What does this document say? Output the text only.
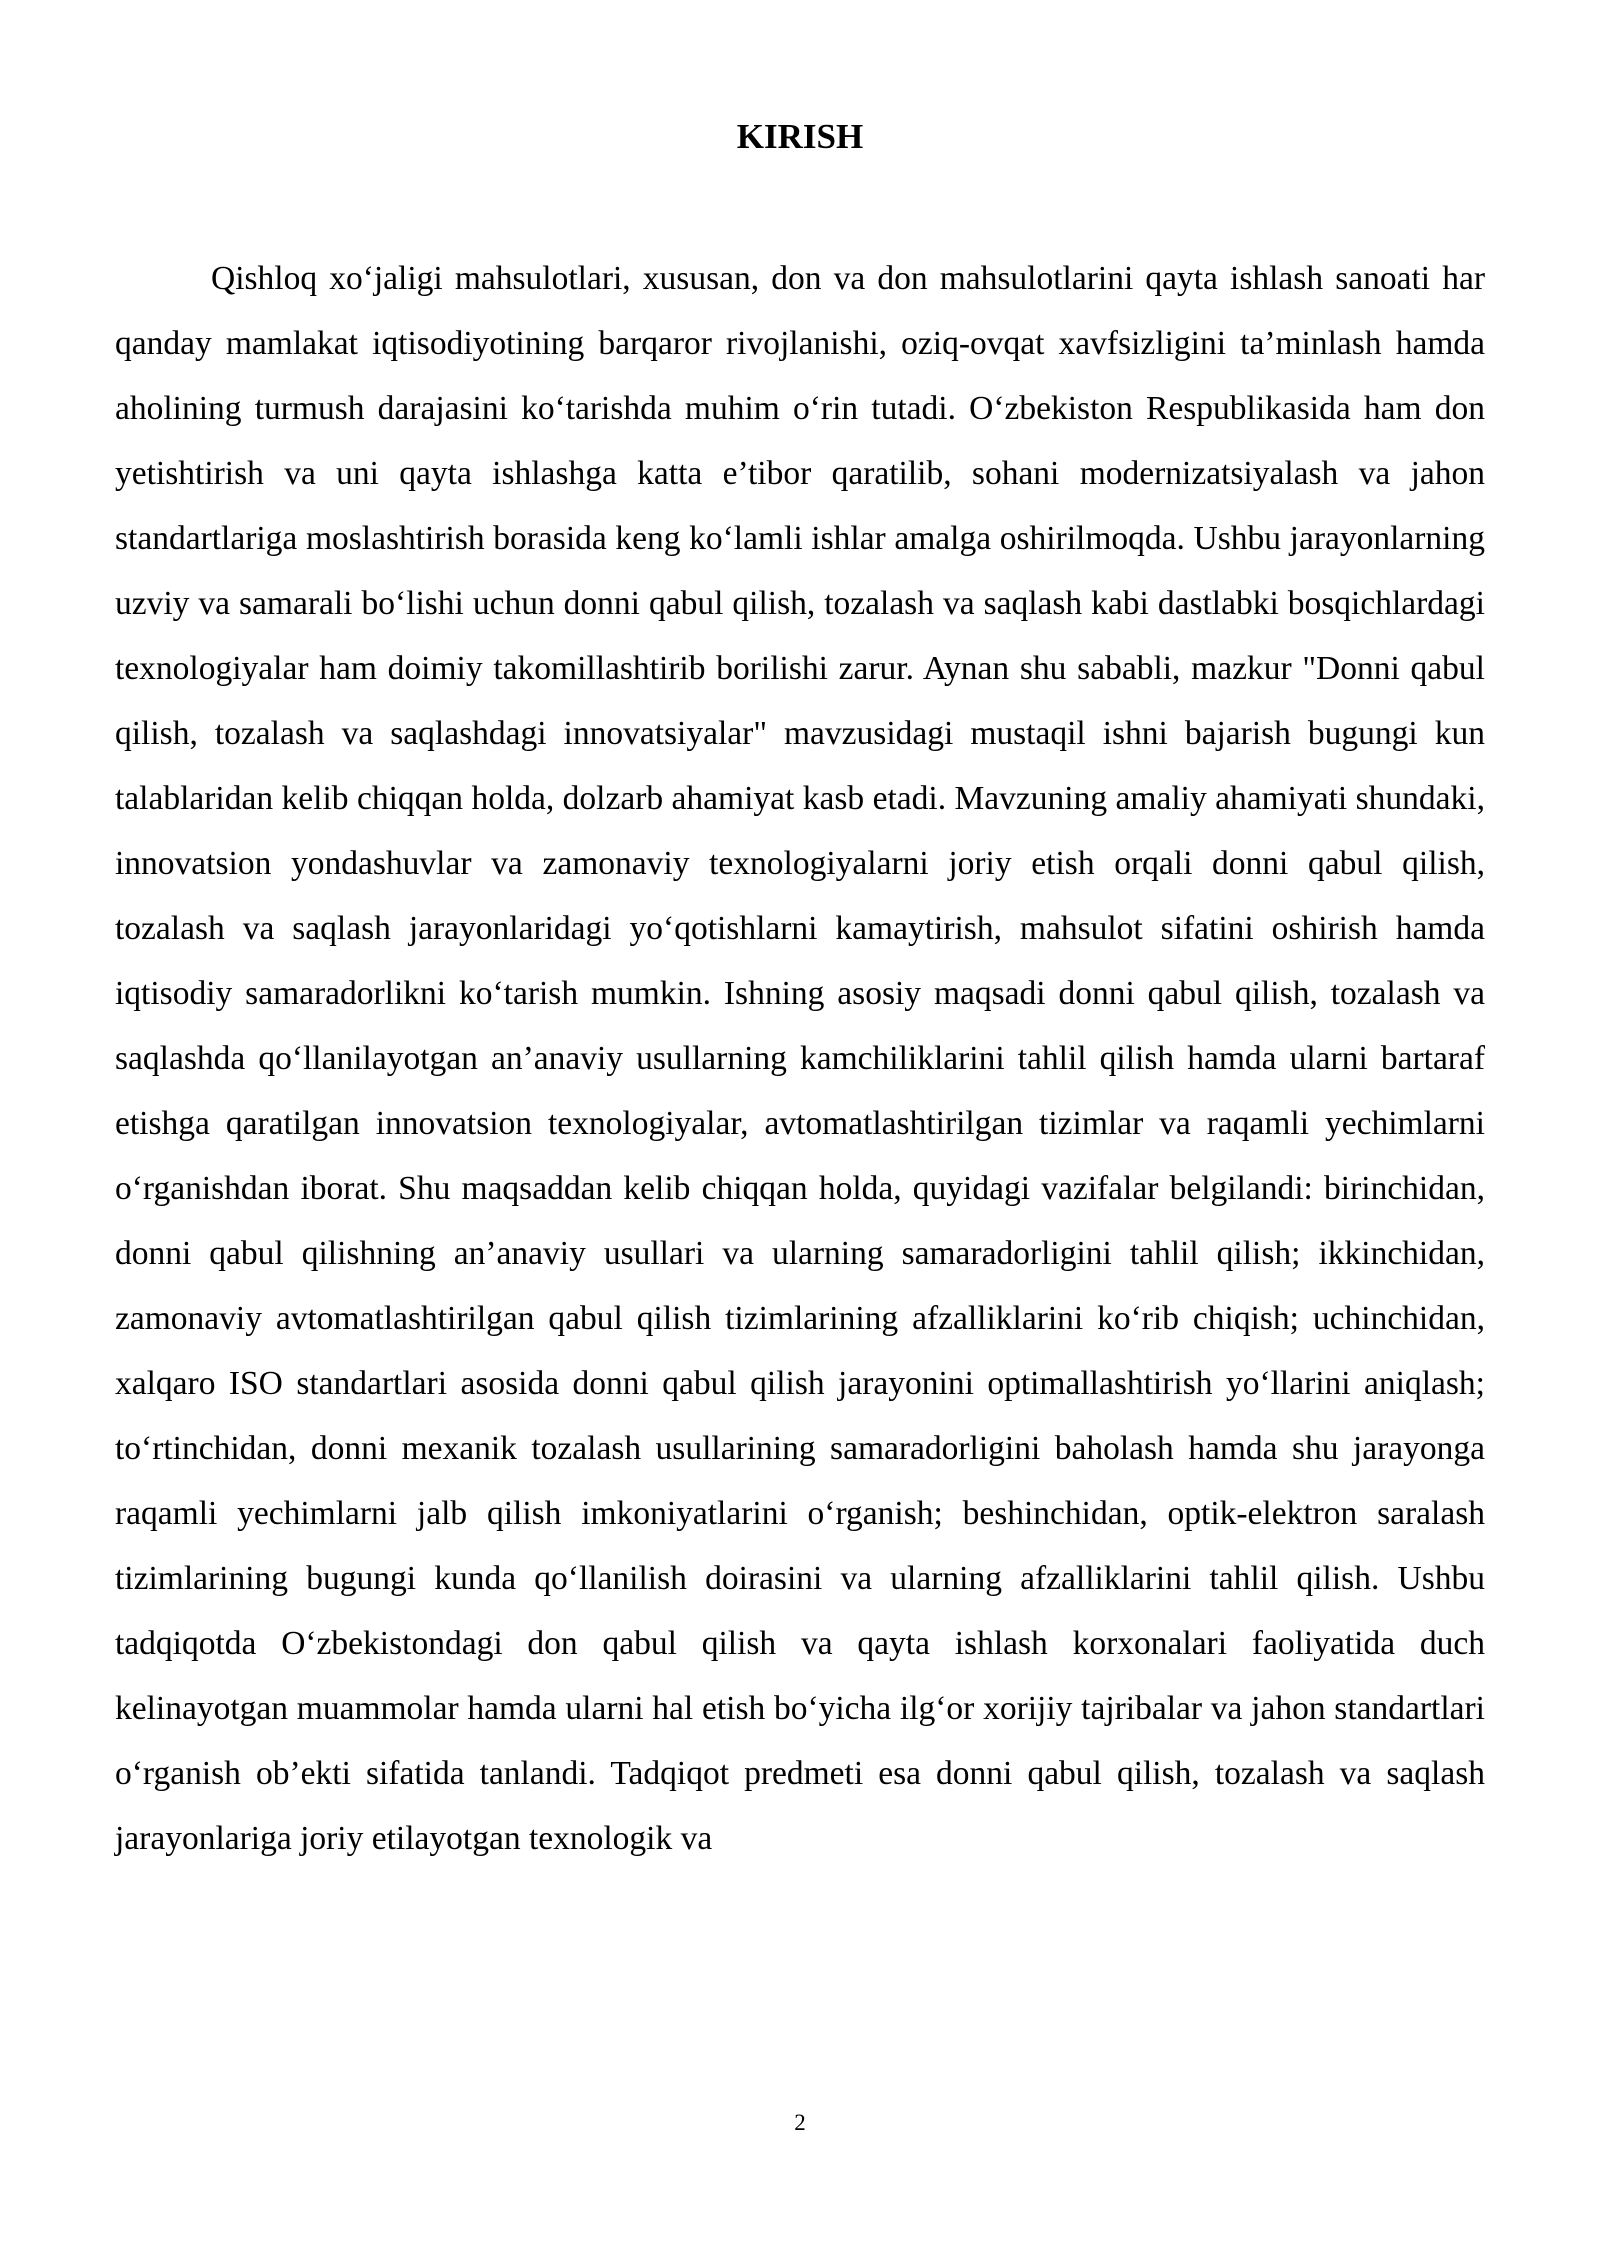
KIRISH

Qishloq xo‘jaligi mahsulotlari, xususan, don va don mahsulotlarini qayta ishlash sanoati har qanday mamlakat iqtisodiyotining barqaror rivojlanishi, oziq-ovqat xavfsizligini ta’minlash hamda aholining turmush darajasini ko‘tarishda muhim o‘rin tutadi. O‘zbekiston Respublikasida ham don yetishtirish va uni qayta ishlashga katta e’tibor qaratilib, sohani modernizatsiyalash va jahon standartlariga moslashtirish borasida keng ko‘lamli ishlar amalga oshirilmoqda. Ushbu jarayonlarning uzviy va samarali bo‘lishi uchun donni qabul qilish, tozalash va saqlash kabi dastlabki bosqichlardagi texnologiyalar ham doimiy takomillashtirib borilishi zarur. Aynan shu sababli, mazkur "Donni qabul qilish, tozalash va saqlashdagi innovatsiyalar" mavzusidagi mustaqil ishni bajarish bugungi kun talablaridan kelib chiqqan holda, dolzarb ahamiyat kasb etadi. Mavzuning amaliy ahamiyati shundaki, innovatsion yondashuvlar va zamonaviy texnologiyalarni joriy etish orqali donni qabul qilish, tozalash va saqlash jarayonlaridagi yo‘qotishlarni kamaytirish, mahsulot sifatini oshirish hamda iqtisodiy samaradorlikni ko‘tarish mumkin. Ishning asosiy maqsadi donni qabul qilish, tozalash va saqlashda qo‘llanilayotgan an’anaviy usullarning kamchiliklarini tahlil qilish hamda ularni bartaraf etishga qaratilgan innovatsion texnologiyalar, avtomatlashtirilgan tizimlar va raqamli yechimlarni o‘rganishdan iborat. Shu maqsaddan kelib chiqqan holda, quyidagi vazifalar belgilandi: birinchidan, donni qabul qilishning an’anaviy usullari va ularning samaradorligini tahlil qilish; ikkinchidan, zamonaviy avtomatlashtirilgan qabul qilish tizimlarining afzalliklarini ko‘rib chiqish; uchinchidan, xalqaro ISO standartlari asosida donni qabul qilish jarayonini optimallashtirish yo‘llarini aniqlash; to‘rtinchidan, donni mexanik tozalash usullarining samaradorligini baholash hamda shu jarayonga raqamli yechimlarni jalb qilish imkoniyatlarini o‘rganish; beshinchidan, optik-elektron saralash tizimlarining bugungi kunda qo‘llanilish doirasini va ularning afzalliklarini tahlil qilish. Ushbu tadqiqotda O‘zbekistondagi don qabul qilish va qayta ishlash korxonalari faoliyatida duch kelinayotgan muammolar hamda ularni hal etish bo‘yicha ilg‘or xorijiy tajribalar va jahon standartlari o‘rganish ob’ekti sifatida tanlandi. Tadqiqot predmeti esa donni qabul qilish, tozalash va saqlash jarayonlariga joriy etilayotgan texnologik va

2
